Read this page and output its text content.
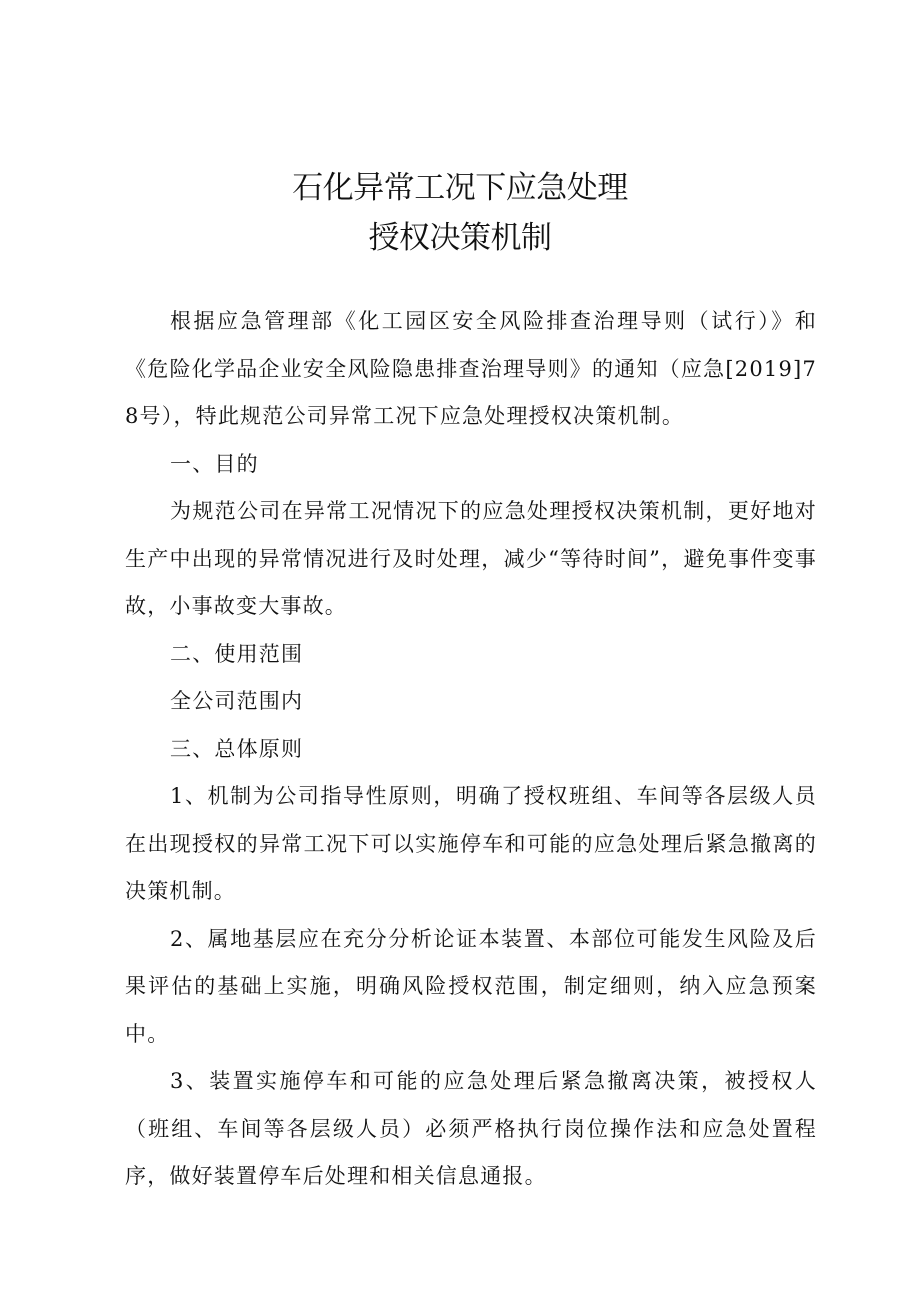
石化异常工况下应急处理
授权决策机制

根据应急管理部《化工园区安全风险排查治理导则（试行）》和《危险化学品企业安全风险隐患排查治理导则》的通知（应急[2019]78号），特此规范公司异常工况下应急处理授权决策机制。

一、目的

为规范公司在异常工况情况下的应急处理授权决策机制，更好地对生产中出现的异常情况进行及时处理，减少“等待时间”，避免事件变事故，小事故变大事故。

二、使用范围

全公司范围内

三、总体原则

1、机制为公司指导性原则，明确了授权班组、车间等各层级人员在出现授权的异常工况下可以实施停车和可能的应急处理后紧急撤离的决策机制。

2、属地基层应在充分分析论证本装置、本部位可能发生风险及后果评估的基础上实施，明确风险授权范围，制定细则，纳入应急预案中。

3、装置实施停车和可能的应急处理后紧急撤离决策，被授权人（班组、车间等各层级人员）必须严格执行岗位操作法和应急处置程序，做好装置停车后处理和相关信息通报。
